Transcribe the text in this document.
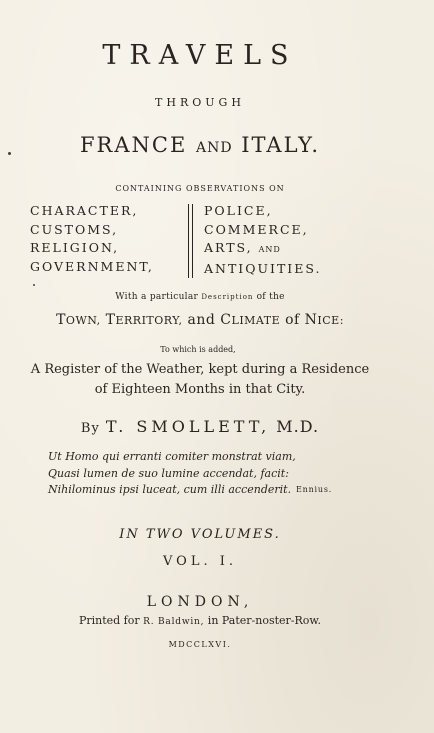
TRAVELS
THROUGH
FRANCE AND ITALY.
CONTAINING OBSERVATIONS ON
CHARACTER,
CUSTOMS,
RELIGION,
GOVERNMENT,
POLICE,
COMMERCE,
ARTS, AND
ANTIQUITIES.
With a particular Description of the
TOWN, TERRITORY, and CLIMATE of NICE:
To which is added,
A Register of the Weather, kept during a Residence
of Eighteen Months in that City.
By T. SMOLLETT, M.D.
Ut Homo qui erranti comiter monstrat viam,
Quasi lumen de suo lumine accendat, facit:
Nihilominus ipsi luceat, cum illi accenderit. Ennius.
IN TWO VOLUMES.
VOL. I.
LONDON,
Printed for R. Baldwin, in Pater-noster-Row.
MDCCLXVI.
